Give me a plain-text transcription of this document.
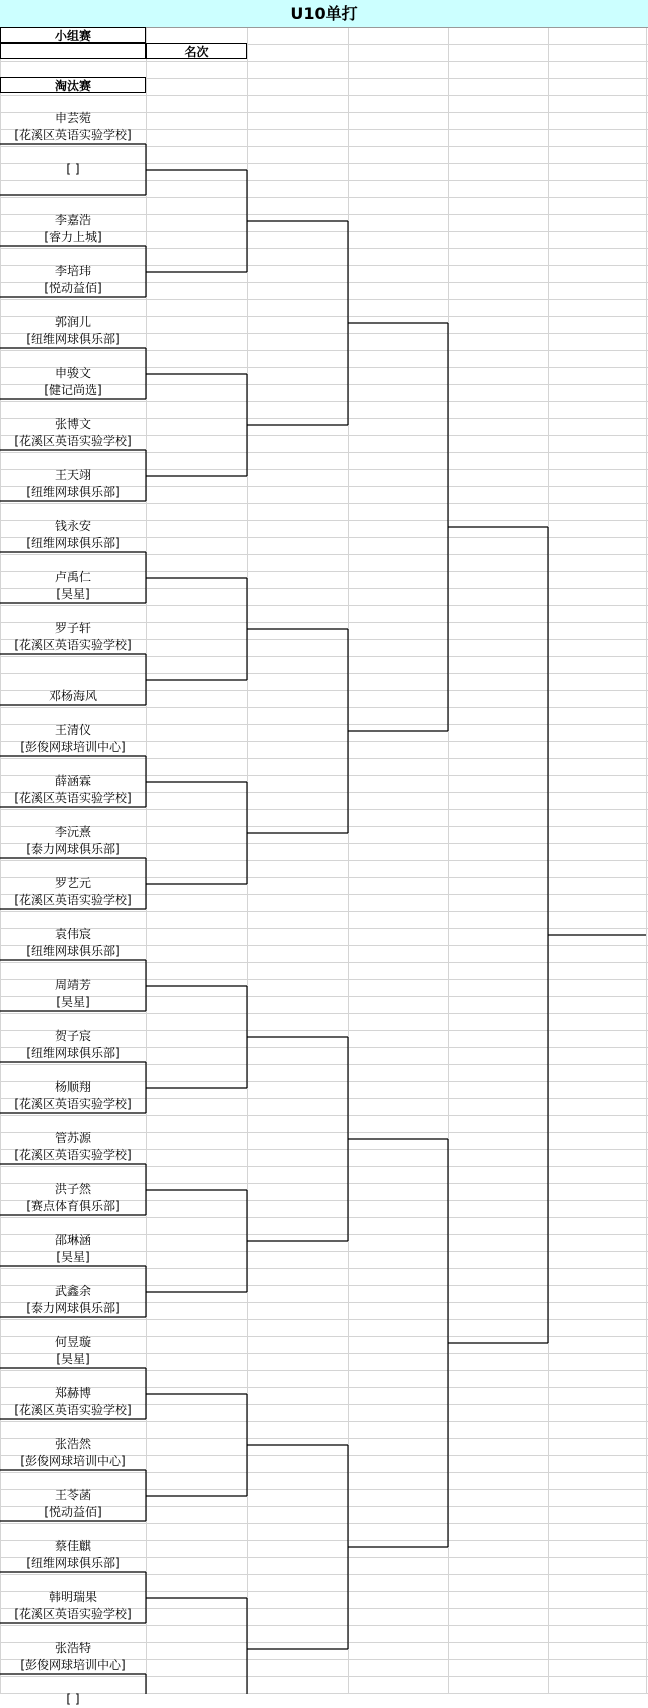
U10单打
小组赛
名次
淘汰赛
申芸菀
[花溪区英语实验学校]
[ ]
李嘉浩
[睿力上城]
李培玮
[悦动益佰]
郭润儿
[纽维网球俱乐部]
申骏文
[健记尚选]
张博文
[花溪区英语实验学校]
王天翊
[纽维网球俱乐部]
钱永安
[纽维网球俱乐部]
卢禹仁
[昊星]
罗子轩
[花溪区英语实验学校]
邓杨海风
王清仪
[彭俊网球培训中心]
薛涵霖
[花溪区英语实验学校]
李沅熹
[泰力网球俱乐部]
罗艺元
[花溪区英语实验学校]
袁伟宸
[纽维网球俱乐部]
周靖芳
[昊星]
贺子宸
[纽维网球俱乐部]
杨顺翔
[花溪区英语实验学校]
管苏源
[花溪区英语实验学校]
洪子然
[赛点体育俱乐部]
邵琳涵
[昊星]
武鑫余
[泰力网球俱乐部]
何昱璇
[昊星]
郑赫博
[花溪区英语实验学校]
张浩然
[彭俊网球培训中心]
王苓菡
[悦动益佰]
蔡佳麒
[纽维网球俱乐部]
韩明瑞果
[花溪区英语实验学校]
张浩特
[彭俊网球培训中心]
[ ]
